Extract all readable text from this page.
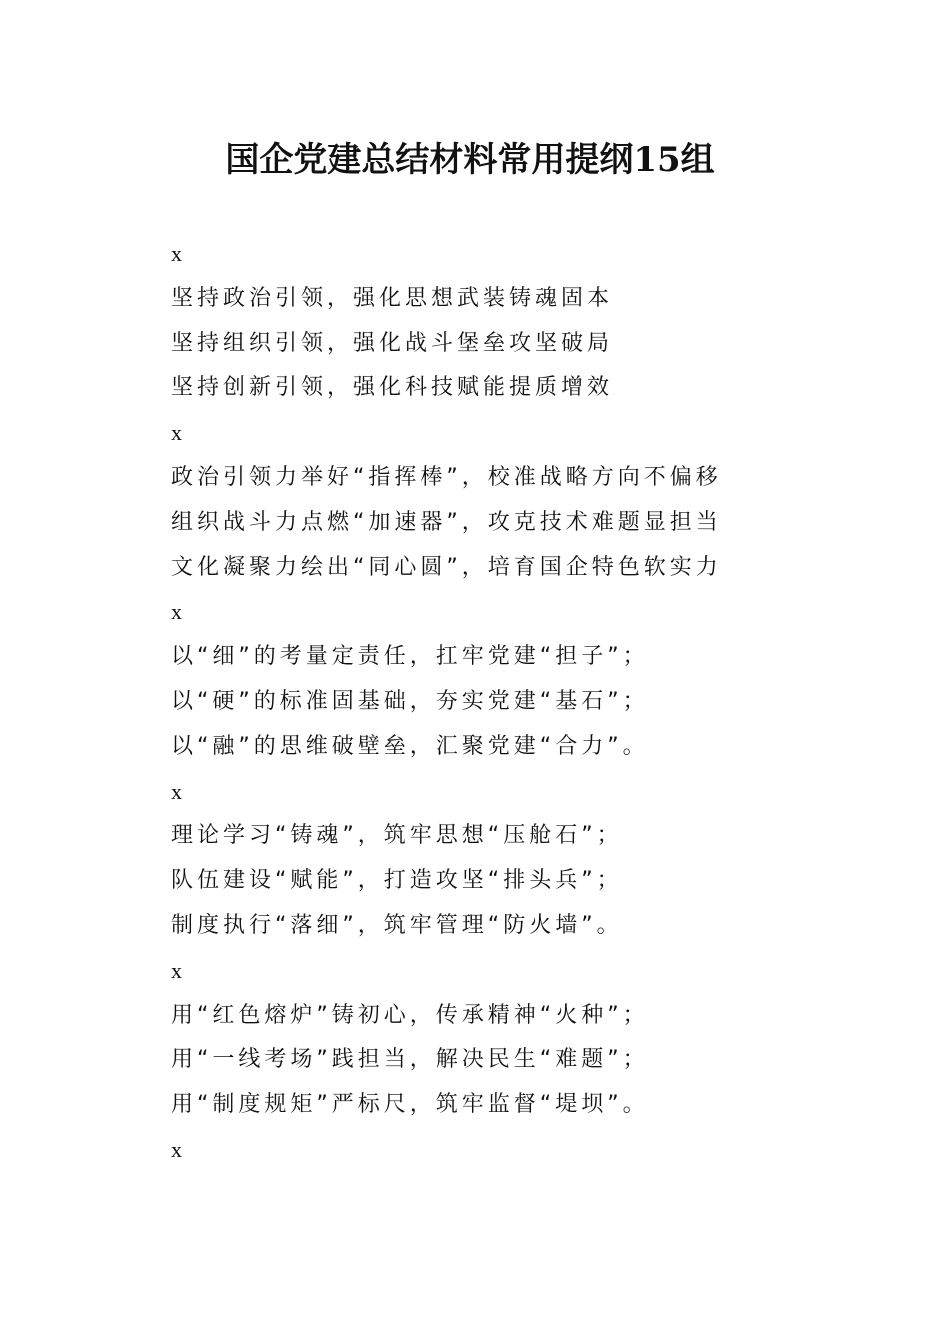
国企党建总结材料常用提纲15组

x

坚持政治引领，强化思想武装铸魂固本

坚持组织引领，强化战斗堡垒攻坚破局

坚持创新引领，强化科技赋能提质增效

x

政治引领力举好“指挥棒”，校准战略方向不偏移

组织战斗力点燃“加速器”，攻克技术难题显担当

文化凝聚力绘出“同心圆”，培育国企特色软实力

x

以“细”的考量定责任，扛牢党建“担子”；

以“硬”的标准固基础，夯实党建“基石”；

以“融”的思维破壁垒，汇聚党建“合力”。

x

理论学习“铸魂”，筑牢思想“压舱石”；

队伍建设“赋能”，打造攻坚“排头兵”；

制度执行“落细”，筑牢管理“防火墙”。

x

用“红色熔炉”铸初心，传承精神“火种”；

用“一线考场”践担当，解决民生“难题”；

用“制度规矩”严标尺，筑牢监督“堤坝”。

x
